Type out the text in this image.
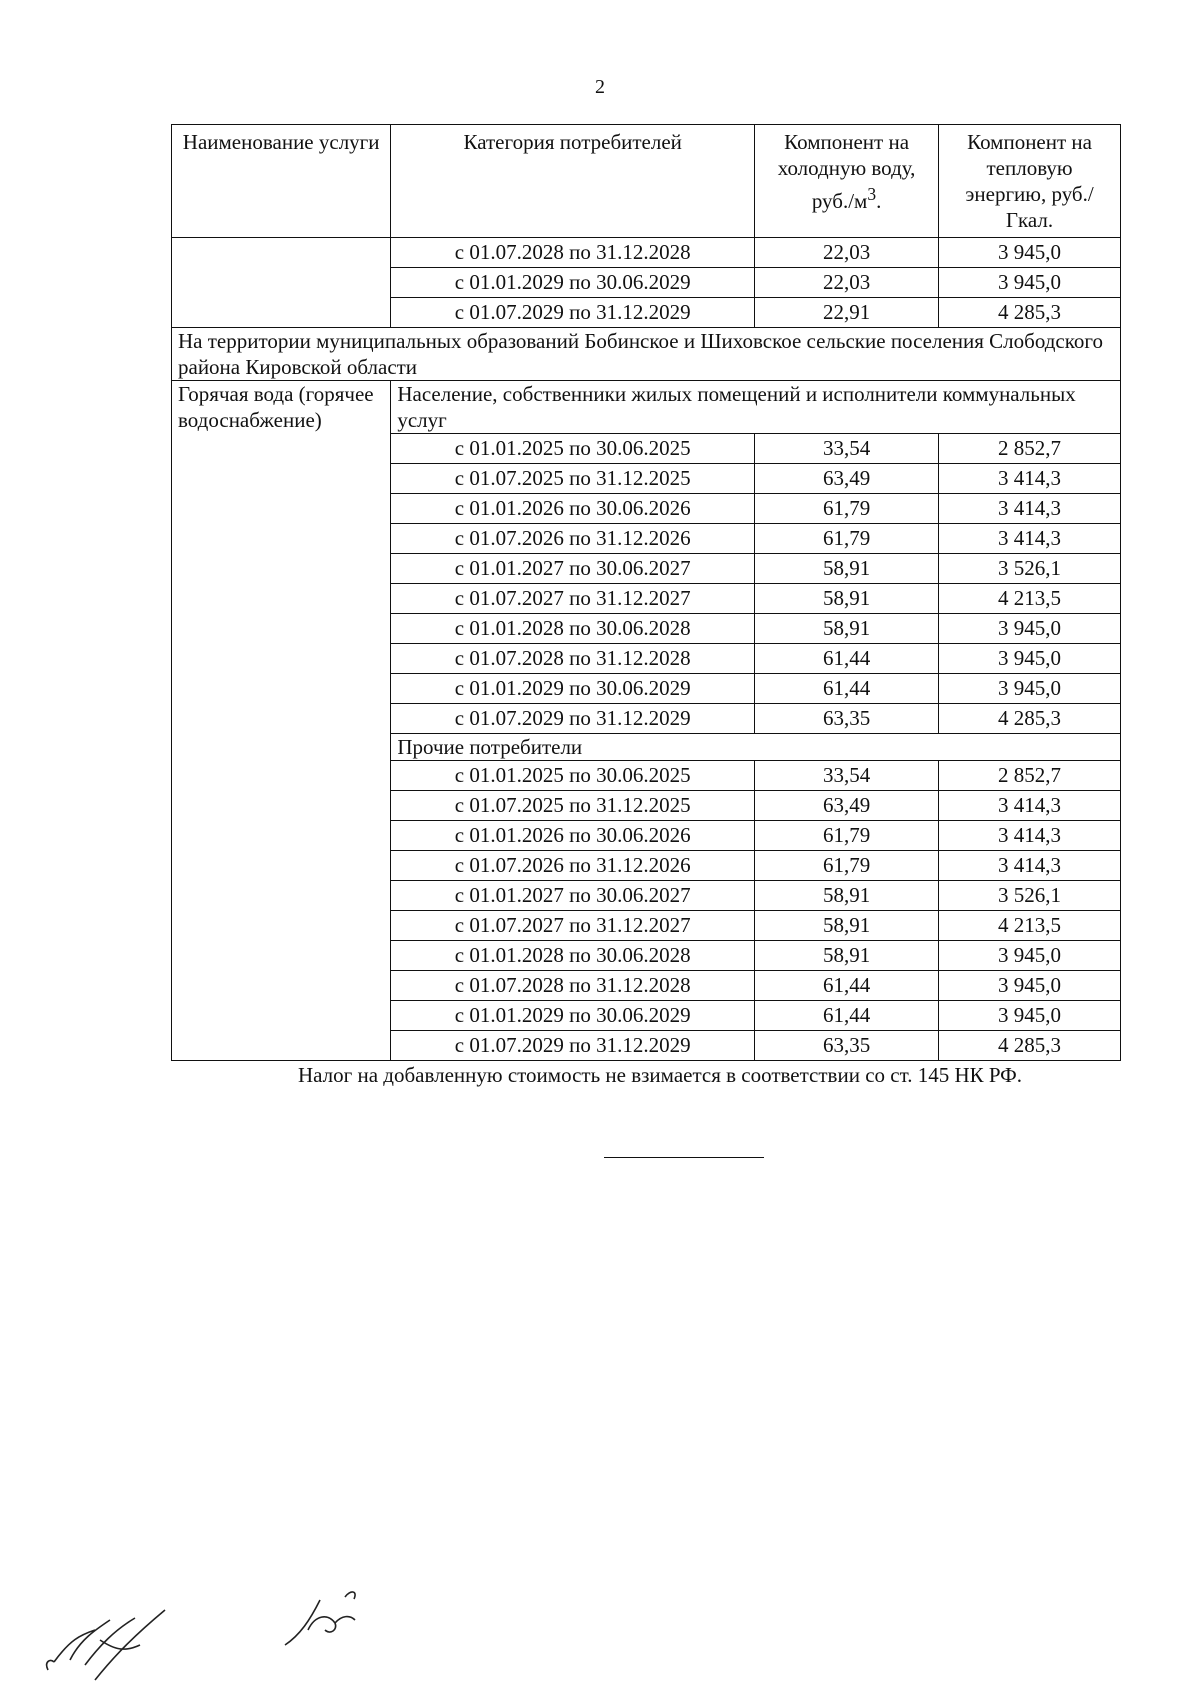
2
Наименование услуги	Категория потребителей	Компонент на холодную воду, $руб./м^3$.	Компонент на тепловую энергию, руб./Гкал.
	с 01.07.2028 по 31.12.2028	22,03	3 945,0
	с 01.01.2029 по 30.06.2029	22,03	3 945,0
	с 01.07.2029 по 31.12.2029	22,91	4 285,3
На территории муниципальных образований Бобинское и Шиховское сельские поселения Слободского района Кировской области			
Горячая вода (горячее водоснабжение)	Население, собственники жилых помещений и исполнители коммунальных услуг		
	с 01.01.2025 по 30.06.2025	33,54	2 852,7
	с 01.07.2025 по 31.12.2025	63,49	3 414,3
	с 01.01.2026 по 30.06.2026	61,79	3 414,3
	с 01.07.2026 по 31.12.2026	61,79	3 414,3
	с 01.01.2027 по 30.06.2027	58,91	3 526,1
	с 01.07.2027 по 31.12.2027	58,91	4 213,5
	с 01.01.2028 по 30.06.2028	58,91	3 945,0
	с 01.07.2028 по 31.12.2028	61,44	3 945,0
	с 01.01.2029 по 30.06.2029	61,44	3 945,0
	с 01.07.2029 по 31.12.2029	63,35	4 285,3
	Прочие потребители		
	с 01.01.2025 по 30.06.2025	33,54	2 852,7
	с 01.07.2025 по 31.12.2025	63,49	3 414,3
	с 01.01.2026 по 30.06.2026	61,79	3 414,3
	с 01.07.2026 по 31.12.2026	61,79	3 414,3
	с 01.01.2027 по 30.06.2027	58,91	3 526,1
	с 01.07.2027 по 31.12.2027	58,91	4 213,5
	с 01.01.2028 по 30.06.2028	58,91	3 945,0
	с 01.07.2028 по 31.12.2028	61,44	3 945,0
	с 01.01.2029 по 30.06.2029	61,44	3 945,0
	с 01.07.2029 по 31.12.2029	63,35	4 285,3
Налог на добавленную стоимость не взимается в соответствии со ст. 145 НК РФ.
